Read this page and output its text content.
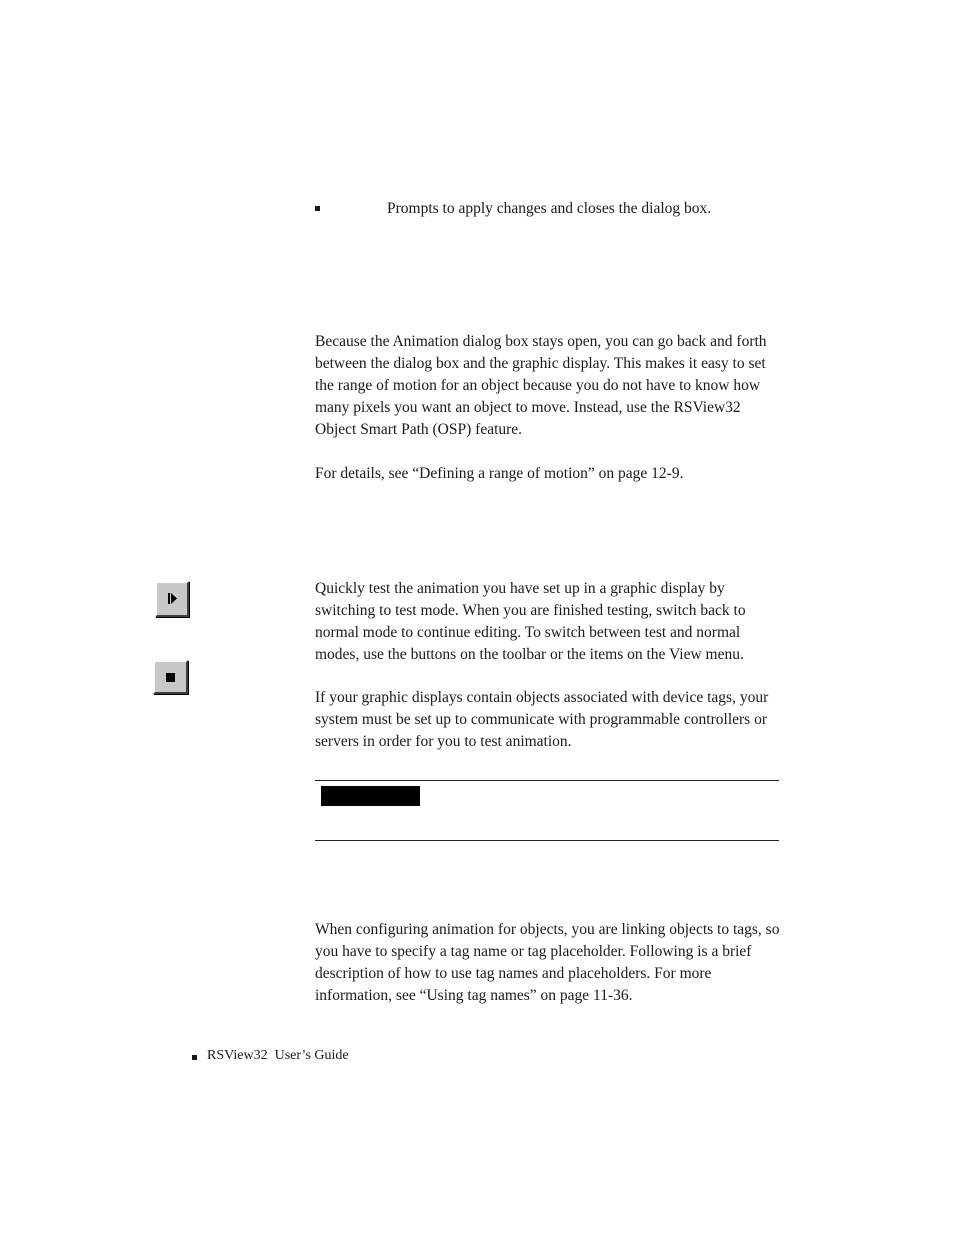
Prompts to apply changes and closes the dialog box.
Because the Animation dialog box stays open, you can go back and forth between the dialog box and the graphic display. This makes it easy to set the range of motion for an object because you do not have to know how many pixels you want an object to move. Instead, use the RSView32 Object Smart Path (OSP) feature.
For details, see “Defining a range of motion” on page 12-9.
Quickly test the animation you have set up in a graphic display by switching to test mode. When you are finished testing, switch back to normal mode to continue editing. To switch between test and normal modes, use the buttons on the toolbar or the items on the View menu.
If your graphic displays contain objects associated with device tags, your system must be set up to communicate with programmable controllers or servers in order for you to test animation.
When configuring animation for objects, you are linking objects to tags, so you have to specify a tag name or tag placeholder. Following is a brief description of how to use tag names and placeholders. For more information, see “Using tag names” on page 11-36.
RSView32  User’s Guide
